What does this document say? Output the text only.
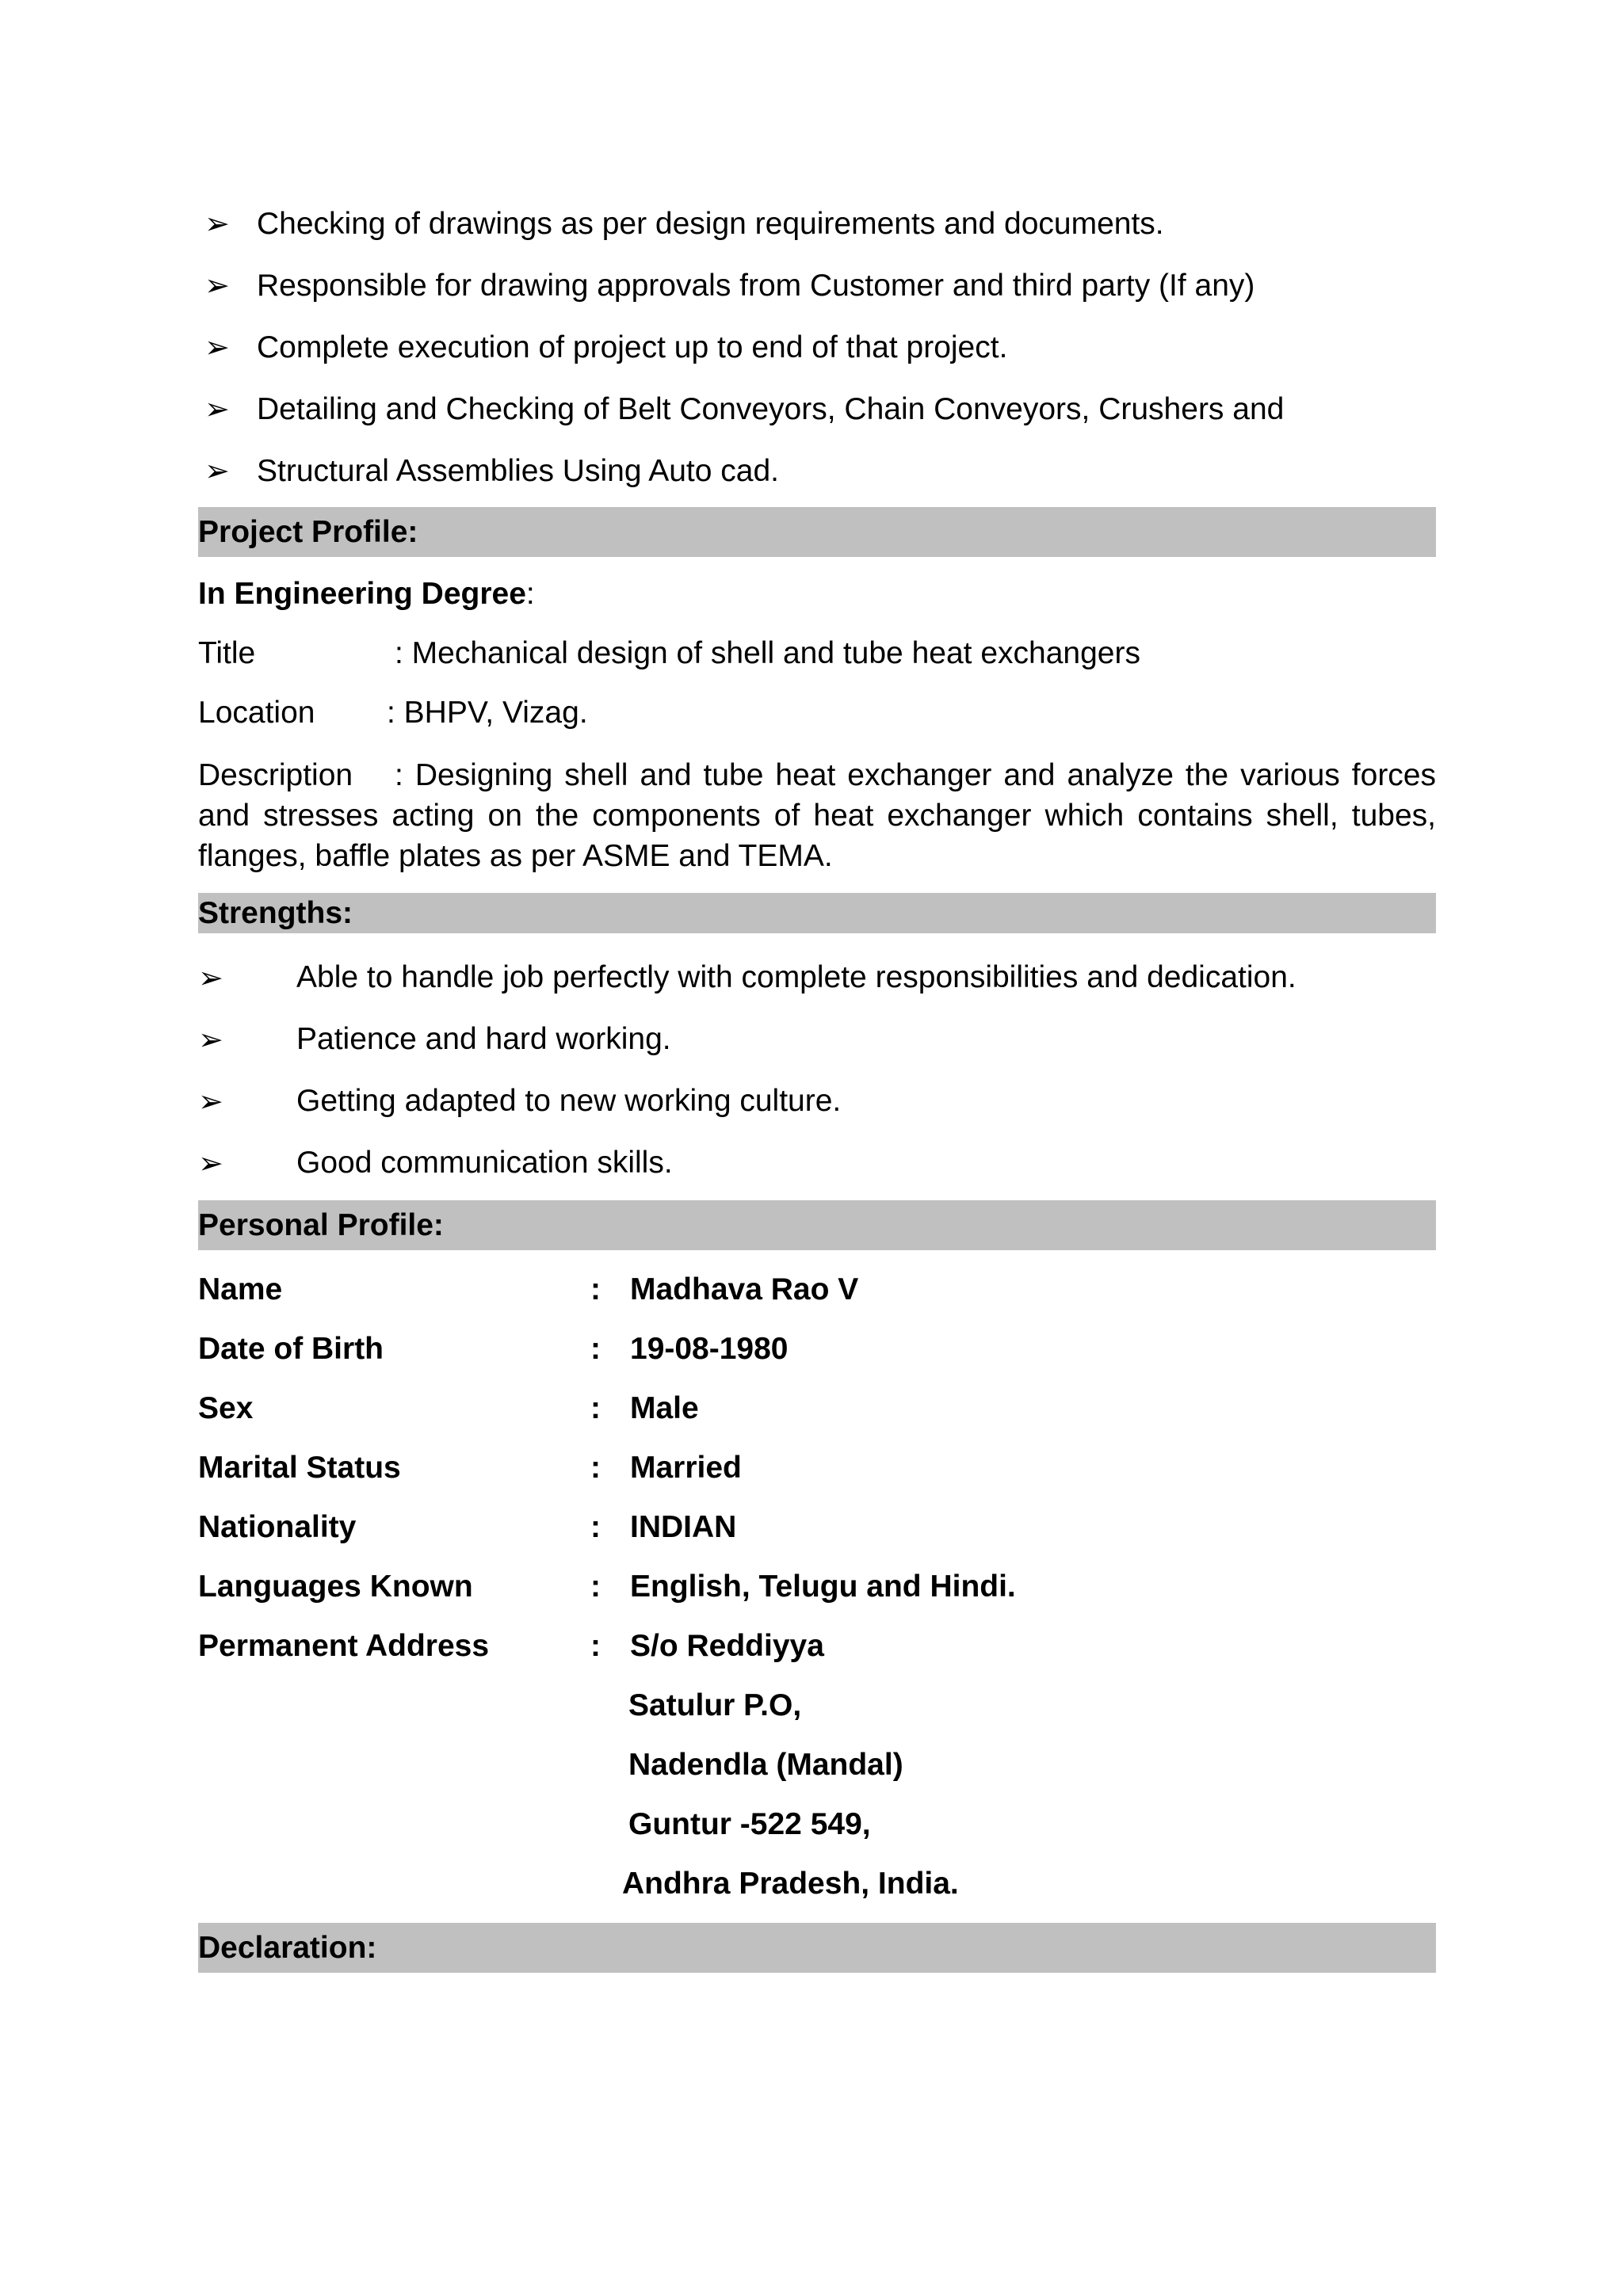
➢ Checking of drawings as per design requirements and documents.
➢ Responsible for drawing approvals from Customer and third party (If any)
➢ Complete execution of project up to end of that project.
➢ Detailing and Checking of Belt Conveyors, Chain Conveyors, Crushers and
➢ Structural Assemblies Using Auto cad.
Project Profile:
In Engineering Degree:
Title	: Mechanical design of shell and tube heat exchangers
Location : BHPV, Vizag.
Description : Designing shell and tube heat exchanger and analyze the various forces and stresses acting on the components of heat exchanger which contains shell, tubes, flanges, baffle plates as per ASME and TEMA.
Strengths:
➢	Able to handle job perfectly with complete responsibilities and dedication.
➢	Patience and hard working.
➢	Getting adapted to new working culture.
➢	Good communication skills.
Personal Profile:
Name	: Madhava Rao V
Date of Birth	: 19-08-1980
Sex	: Male
Marital Status	: Married
Nationality	: INDIAN
Languages Known	: English, Telugu and Hindi.
Permanent Address	: S/o Reddiyya
Satulur P.O,
Nadendla (Mandal)
Guntur -522 549,
Andhra Pradesh, India.
Declaration:
